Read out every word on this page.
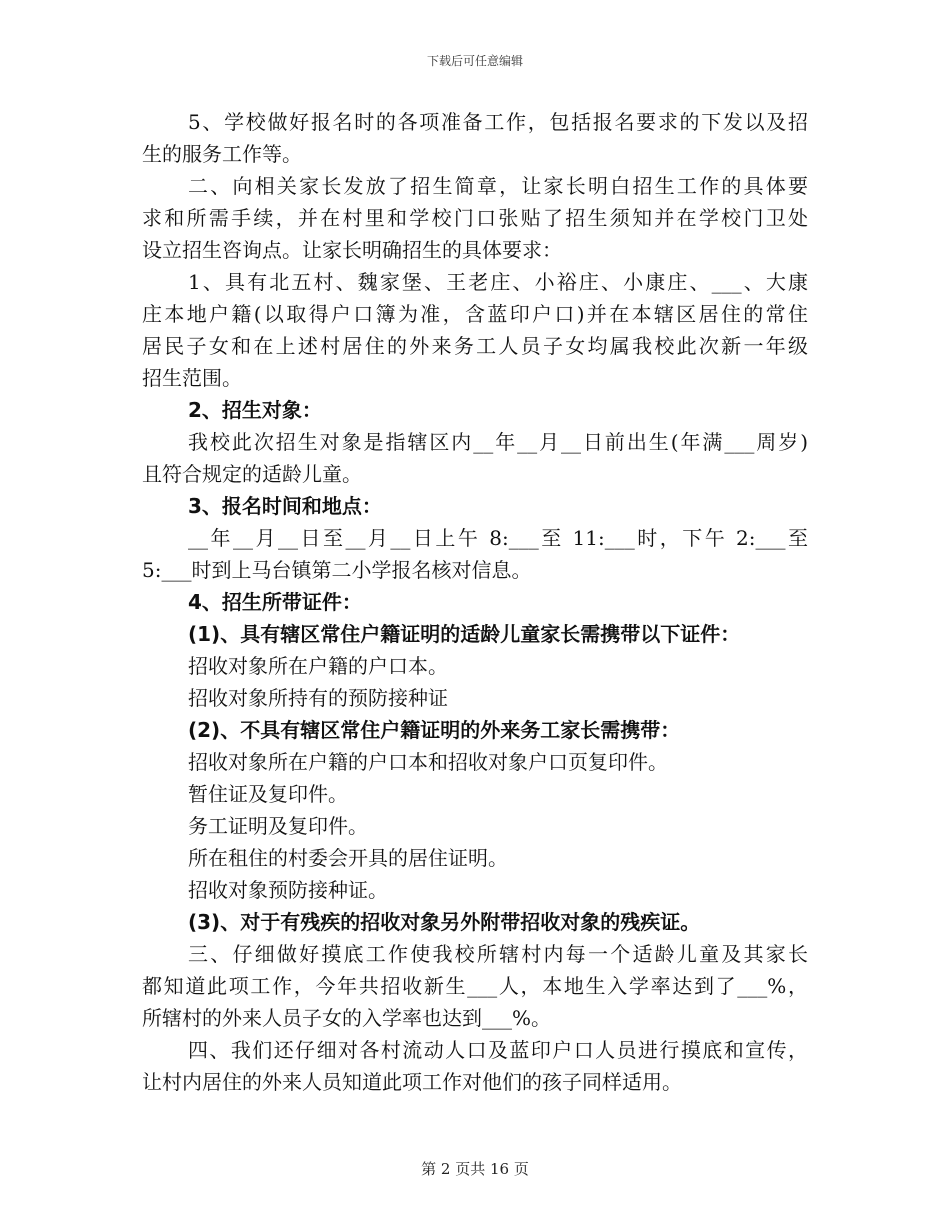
下载后可任意编辑
5、学校做好报名时的各项准备工作，包括报名要求的下发以及招
生的服务工作等。
二、向相关家长发放了招生简章，让家长明白招生工作的具体要
求和所需手续，并在村里和学校门口张贴了招生须知并在学校门卫处
设立招生咨询点。让家长明确招生的具体要求：
1、具有北五村、魏家堡、王老庄、小裕庄、小康庄、___、大康
庄本地户籍(以取得户口簿为准，含蓝印户口)并在本辖区居住的常住
居民子女和在上述村居住的外来务工人员子女均属我校此次新一年级
招生范围。
2、招生对象：
我校此次招生对象是指辖区内__年__月__日前出生(年满___周岁)
且符合规定的适龄儿童。
3、报名时间和地点：
__年__月__日至__月__日上午 8:___至 11:___时，下午 2:___至
5:___时到上马台镇第二小学报名核对信息。
4、招生所带证件：
(1)、具有辖区常住户籍证明的适龄儿童家长需携带以下证件：
招收对象所在户籍的户口本。
招收对象所持有的预防接种证
(2)、不具有辖区常住户籍证明的外来务工家长需携带：
招收对象所在户籍的户口本和招收对象户口页复印件。
暂住证及复印件。
务工证明及复印件。
所在租住的村委会开具的居住证明。
招收对象预防接种证。
(3)、对于有残疾的招收对象另外附带招收对象的残疾证。
三、仔细做好摸底工作使我校所辖村内每一个适龄儿童及其家长
都知道此项工作，今年共招收新生___人，本地生入学率达到了___%，
所辖村的外来人员子女的入学率也达到___%。
四、我们还仔细对各村流动人口及蓝印户口人员进行摸底和宣传，
让村内居住的外来人员知道此项工作对他们的孩子同样适用。
第 2 页共 16 页
